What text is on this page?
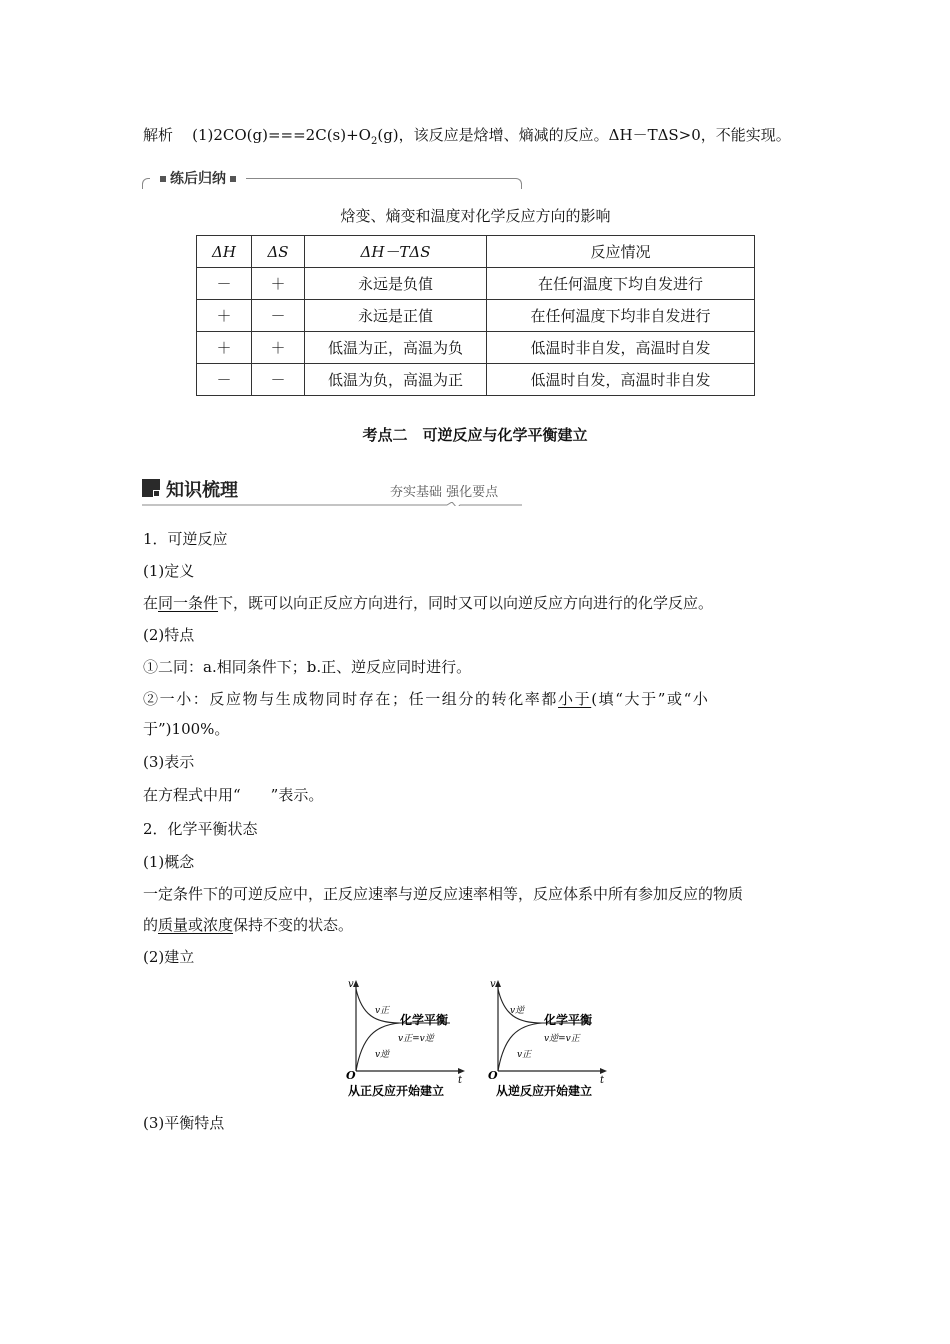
解析 $(1)2CO(g)===2C(s)+O_2(g)$，该反应是焓增、熵减的反应。ΔH－TΔS>0，不能实现。
练后归纳
焓变、熵变和温度对化学反应方向的影响
ΔH	ΔS	ΔH－TΔS	反应情况
－	＋	永远是负值	在任何温度下均自发进行
＋	－	永远是正值	在任何温度下均非自发进行
＋	＋	低温为正，高温为负	低温时非自发，高温时自发
－	－	低温为负，高温为正	低温时自发，高温时非自发
考点二　可逆反应与化学平衡建立
知识梳理	夯实基础 强化要点
1．可逆反应
(1)定义
在同一条件下，既可以向正反应方向进行，同时又可以向逆反应方向进行的化学反应。
(2)特点
①二同：a.相同条件下；b.正、逆反应同时进行。
②一小：反应物与生成物同时存在；任一组分的转化率都小于(填“大于”或“小
于”)100%。
(3)表示
在方程式中用“　　”表示。
2．化学平衡状态
(1)概念
一定条件下的可逆反应中，正反应速率与逆反应速率相等，反应体系中所有参加反应的物质
的质量或浓度保持不变的状态。
(2)建立
v
t
O
v正
v逆
化学平衡
v正=v逆
从正反应开始建立
v
t
O
v逆
v正
化学平衡
v逆=v正
从逆反应开始建立
(3)平衡特点
